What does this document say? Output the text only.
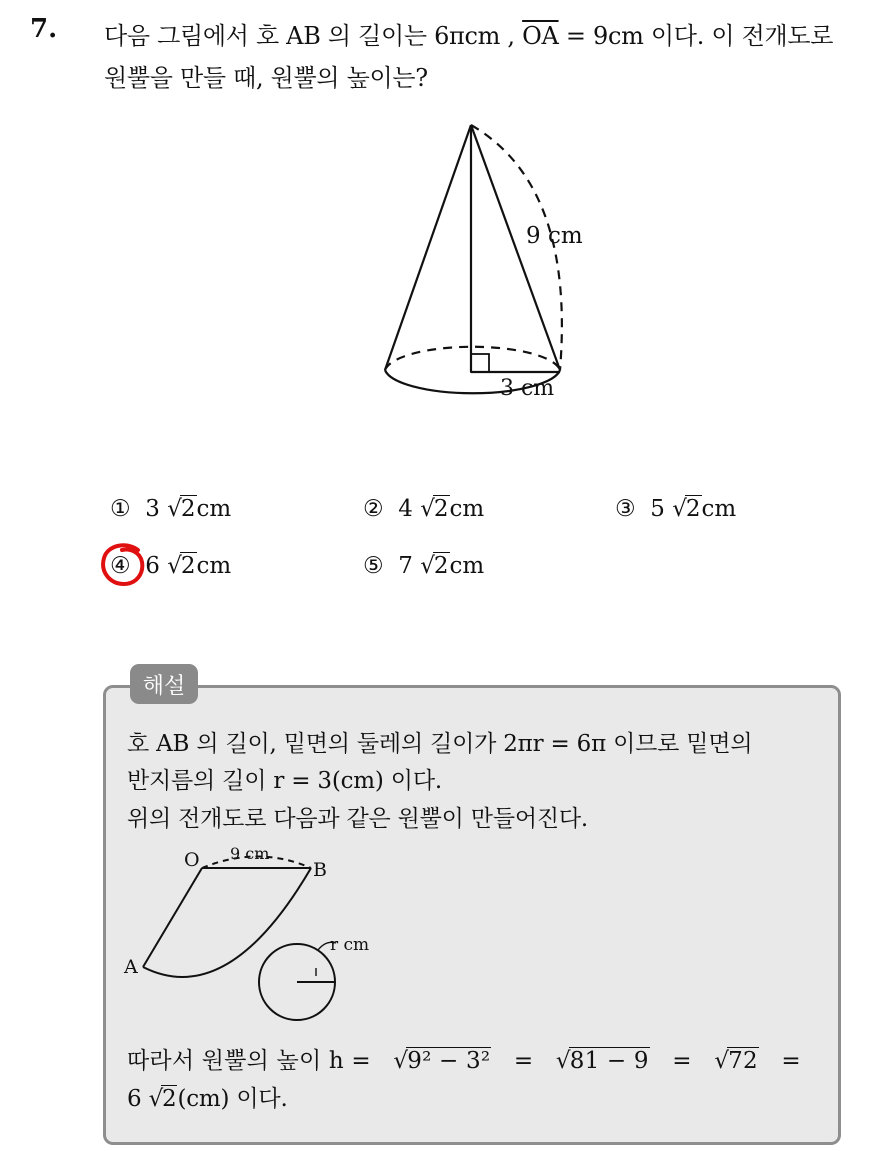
7. 다음 그림에서 호 AB 의 길이는 6πcm , $\overline{OA} = 9cm$ 이다. 이 전개도로
원뿔을 만들 때, 원뿔의 높이는?
9 cm
3 cm
① 3 √2cm	② 4 √2cm	③ 5 √2cm
④ 6 √2cm	⑤ 7 √2cm
해설
호 AB 의 길이, 밑면의 둘레의 길이가 2πr = 6π 이므로 밑면의
반지름의 길이 r = 3(cm) 이다.
위의 전개도로 다음과 같은 원뿔이 만들어진다.
O	B
A
9 cm
r cm
따라서 원뿔의 높이 h = √9² − 3² = √81 − 9 = √72 =
6 √2(cm) 이다.
